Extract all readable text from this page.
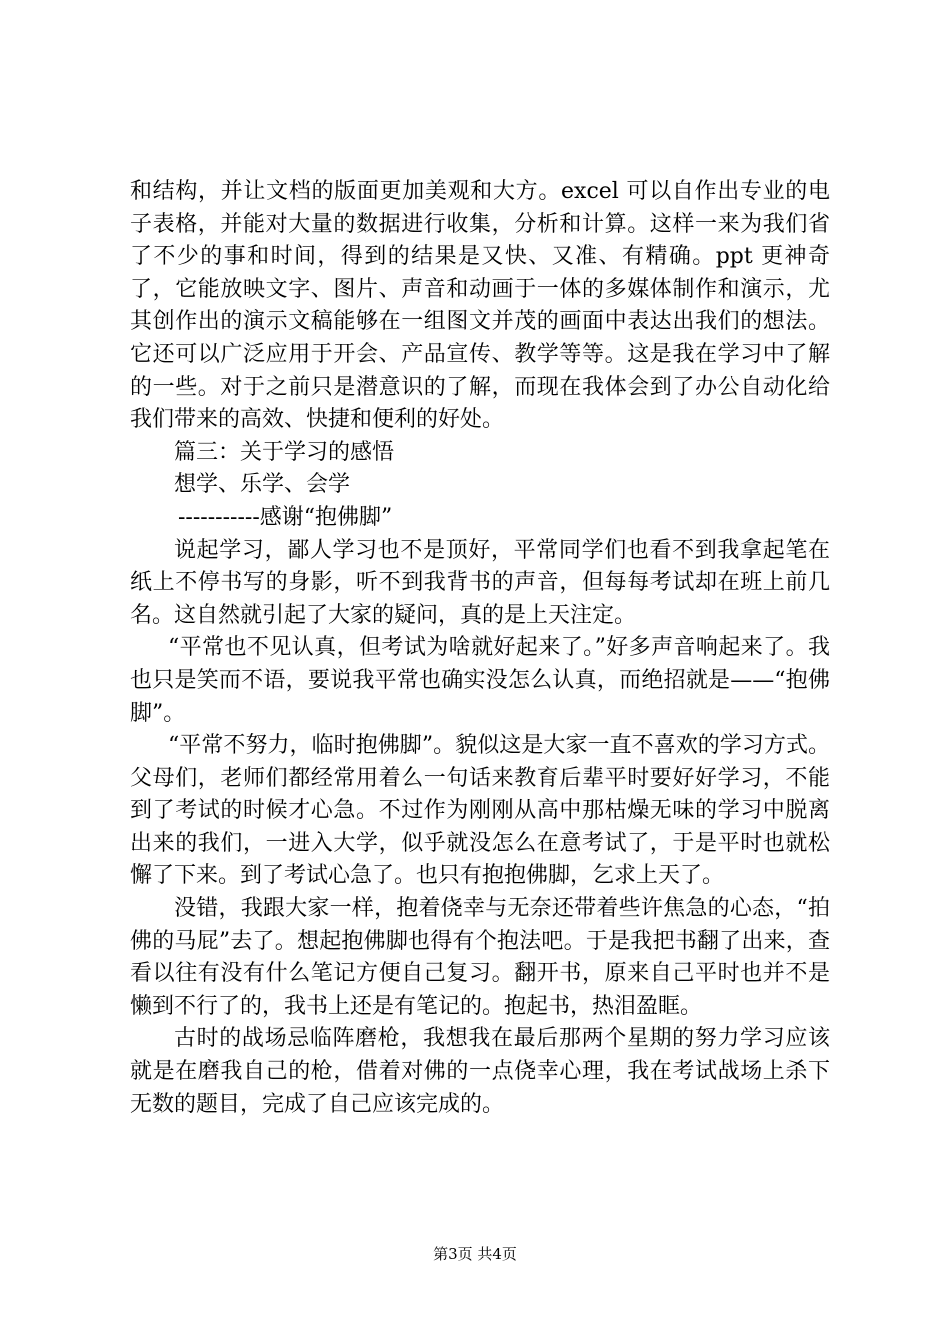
和结构，并让文档的版面更加美观和大方。excel 可以自作出专业的电子表格，并能对大量的数据进行收集，分析和计算。这样一来为我们省了不少的事和时间，得到的结果是又快、又准、有精确。ppt 更神奇了，它能放映文字、图片、声音和动画于一体的多媒体制作和演示，尤其创作出的演示文稿能够在一组图文并茂的画面中表达出我们的想法。它还可以广泛应用于开会、产品宣传、教学等等。这是我在学习中了解的一些。对于之前只是潜意识的了解，而现在我体会到了办公自动化给我们带来的高效、快捷和便利的好处。

篇三：关于学习的感悟

想学、乐学、会学

-----------感谢“抱佛脚”

说起学习，鄙人学习也不是顶好，平常同学们也看不到我拿起笔在纸上不停书写的身影，听不到我背书的声音，但每每考试却在班上前几名。这自然就引起了大家的疑问，真的是上天注定。

“平常也不见认真，但考试为啥就好起来了。”好多声音响起来了。我也只是笑而不语，要说我平常也确实没怎么认真，而绝招就是——“抱佛脚”。

“平常不努力，临时抱佛脚”。貌似这是大家一直不喜欢的学习方式。父母们，老师们都经常用着么一句话来教育后辈平时要好好学习，不能到了考试的时候才心急。不过作为刚刚从高中那枯燥无味的学习中脱离出来的我们，一进入大学，似乎就没怎么在意考试了，于是平时也就松懈了下来。到了考试心急了。也只有抱抱佛脚，乞求上天了。

没错，我跟大家一样，抱着侥幸与无奈还带着些许焦急的心态，“拍佛的马屁”去了。想起抱佛脚也得有个抱法吧。于是我把书翻了出来，查看以往有没有什么笔记方便自己复习。翻开书，原来自己平时也并不是懒到不行了的，我书上还是有笔记的。抱起书，热泪盈眶。

古时的战场忌临阵磨枪，我想我在最后那两个星期的努力学习应该就是在磨我自己的枪，借着对佛的一点侥幸心理，我在考试战场上杀下无数的题目，完成了自己应该完成的。

第3页 共4页
